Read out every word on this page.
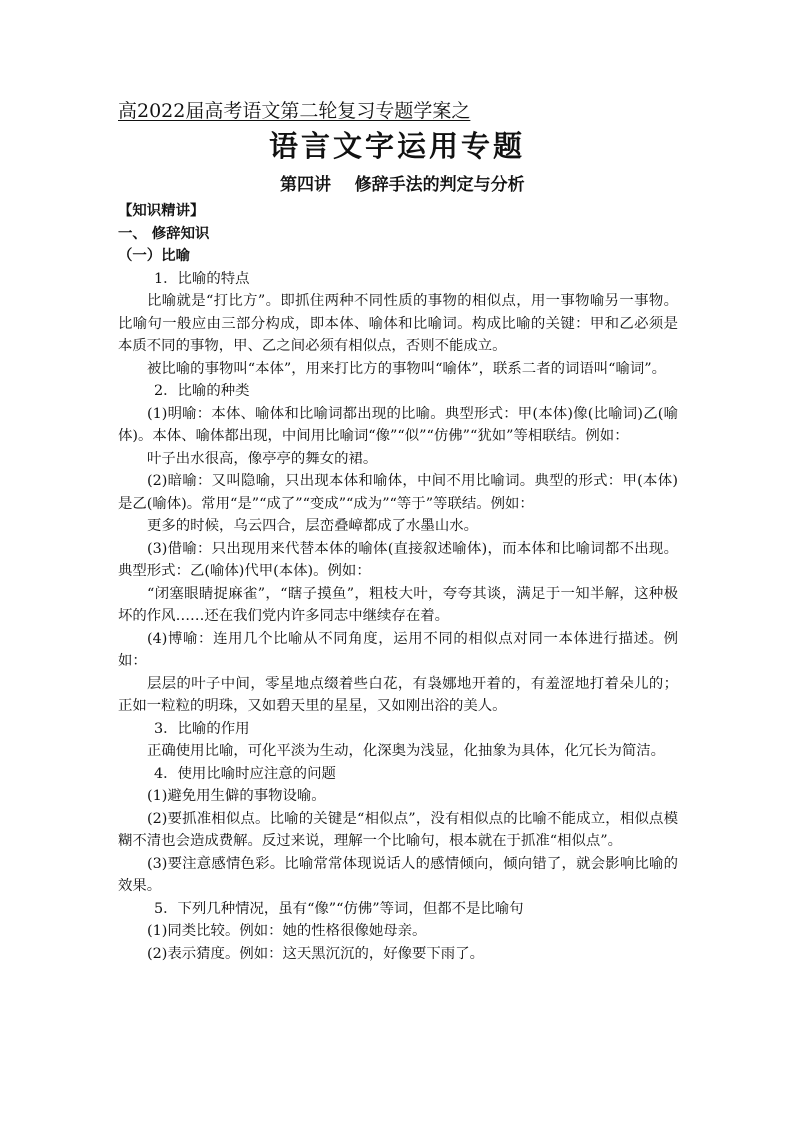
高2022届高考语文第二轮复习专题学案之
语言文字运用专题
第四讲    修辞手法的判定与分析

【知识精讲】

一、 修辞知识

（一）比喻

1．比喻的特点

比喻就是“打比方”。即抓住两种不同性质的事物的相似点，用一事物喻另一事物。比喻句一般应由三部分构成，即本体、喻体和比喻词。构成比喻的关键：甲和乙必须是本质不同的事物，甲、乙之间必须有相似点，否则不能成立。

被比喻的事物叫“本体”，用来打比方的事物叫“喻体”，联系二者的词语叫“喻词”。

2．比喻的种类

(1)明喻：本体、喻体和比喻词都出现的比喻。典型形式：甲(本体)像(比喻词)乙(喻体)。本体、喻体都出现，中间用比喻词“像”“似”“仿佛”“犹如”等相联结。例如：

叶子出水很高，像亭亭的舞女的裙。

(2)暗喻：又叫隐喻，只出现本体和喻体，中间不用比喻词。典型的形式：甲(本体)是乙(喻体)。常用“是”“成了”“变成”“成为”“等于”等联结。例如：

更多的时候，乌云四合，层峦叠嶂都成了水墨山水。

(3)借喻：只出现用来代替本体的喻体(直接叙述喻体)，而本体和比喻词都不出现。典型形式：乙(喻体)代甲(本体)。例如：

“闭塞眼睛捉麻雀”，“瞎子摸鱼”，粗枝大叶，夸夸其谈，满足于一知半解，这种极坏的作风……还在我们党内许多同志中继续存在着。

(4)博喻：连用几个比喻从不同角度，运用不同的相似点对同一本体进行描述。例如：

层层的叶子中间，零星地点缀着些白花，有袅娜地开着的，有羞涩地打着朵儿的；正如一粒粒的明珠，又如碧天里的星星，又如刚出浴的美人。

3．比喻的作用

正确使用比喻，可化平淡为生动，化深奥为浅显，化抽象为具体，化冗长为简洁。

4．使用比喻时应注意的问题

(1)避免用生僻的事物设喻。

(2)要抓准相似点。比喻的关键是“相似点”，没有相似点的比喻不能成立，相似点模糊不清也会造成费解。反过来说，理解一个比喻句，根本就在于抓准“相似点”。

(3)要注意感情色彩。比喻常常体现说话人的感情倾向，倾向错了，就会影响比喻的效果。

5．下列几种情况，虽有“像”“仿佛”等词，但都不是比喻句

(1)同类比较。例如：她的性格很像她母亲。

(2)表示猜度。例如：这天黑沉沉的，好像要下雨了。
